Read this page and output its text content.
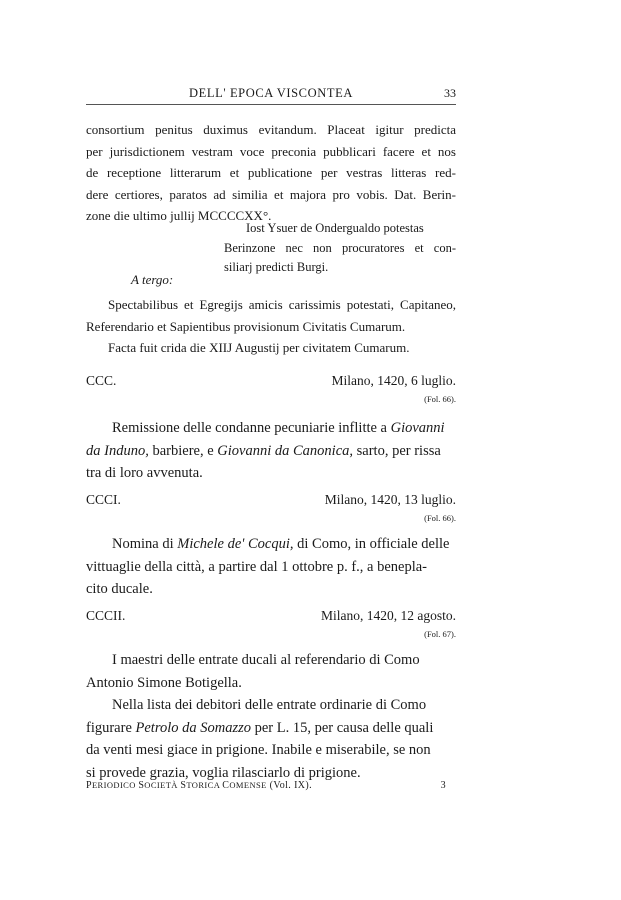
DELL' EPOCA VISCONTEA	33
consortium penitus duximus evitandum. Placeat igitur predicta
per jurisdictionem vestram voce preconia pubblicari facere et nos
de receptione litterarum et publicatione per vestras litteras red-
dere certiores, paratos ad similia et majora pro vobis. Dat. Berin-
zone die ultimo jullij MCCCCXX°.
Iost Ysuer de Ondergualdo potestas
Berinzone nec non procuratores et con-
siliarj predicti Burgi.
A tergo:
Spectabilibus et Egregijs amicis carissimis potestati, Capitaneo,
Referendario et Sapientibus provisionum Civitatis Cumarum.
Facta fuit crida die XIIJ Augustij per civitatem Cumarum.
CCC.	Milano, 1420, 6 luglio.
(Fol. 66).
Remissione delle condanne pecuniarie inflitte a Giovanni
da Induno, barbiere, e Giovanni da Canonica, sarto, per rissa
tra di loro avvenuta.
CCCI.	Milano, 1420, 13 luglio.
(Fol. 66).
Nomina di Michele de' Cocqui, di Como, in officiale delle
vittuaglie della città, a partire dal 1 ottobre p. f., a benepla-
cito ducale.
CCCII.	Milano, 1420, 12 agosto.
(Fol. 67).
I maestri delle entrate ducali al referendario di Como
Antonio Simone Botigella.
Nella lista dei debitori delle entrate ordinarie di Como
figurare Petrolo da Somazzo per L. 15, per causa delle quali
da venti mesi giace in prigione. Inabile e miserabile, se non
si provede grazia, voglia rilasciarlo di prigione.
PERIODICO SOCIETÀ STORICA COMENSE (Vol. IX).	3
